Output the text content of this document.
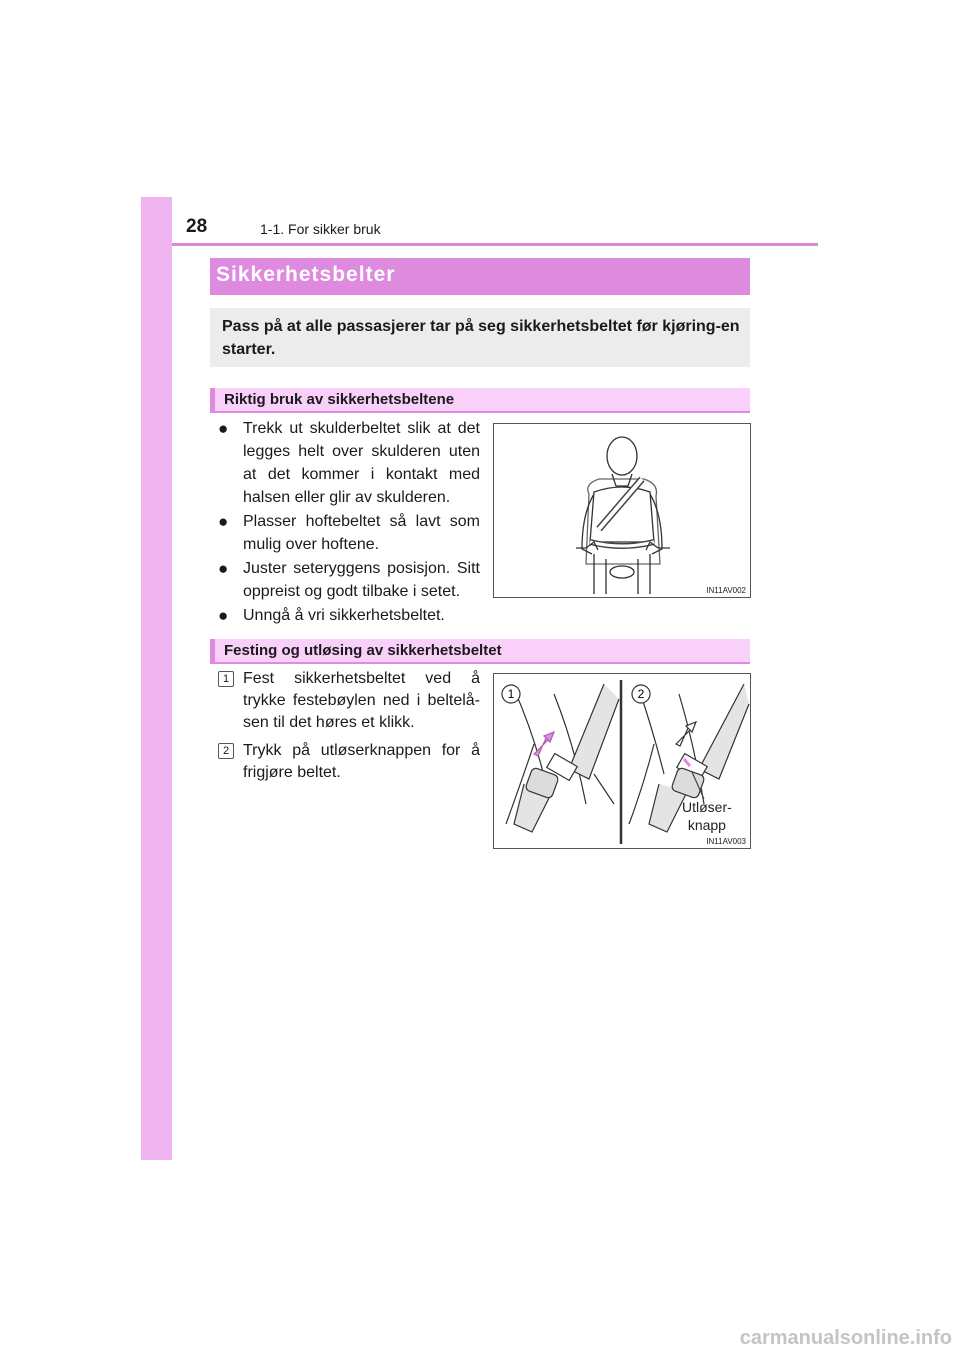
28	1-1. For sikker bruk
Sikkerhetsbelter

Pass på at alle passasjerer tar på seg sikkerhetsbeltet før kjøring-en starter.

Riktig bruk av sikkerhetsbeltene
● Trekk ut skulderbeltet slik at det legges helt over skulderen uten at det kommer i kontakt med halsen eller glir av skulderen.
● Plasser hoftebeltet så lavt som mulig over hoftene.
● Juster seteryggens posisjon. Sitt oppreist og godt tilbake i setet.
● Unngå å vri sikkerhetsbeltet.
IN11AV002
Festing og utløsing av sikkerhetsbeltet
1 Fest sikkerhetsbeltet ved å trykke festebøylen ned i beltelå-sen til det høres et klikk.
2 Trykk på utløserknappen for å frigjøre beltet.
1	2
Utløser-
knapp
IN11AV003
carmanualsonline.info
